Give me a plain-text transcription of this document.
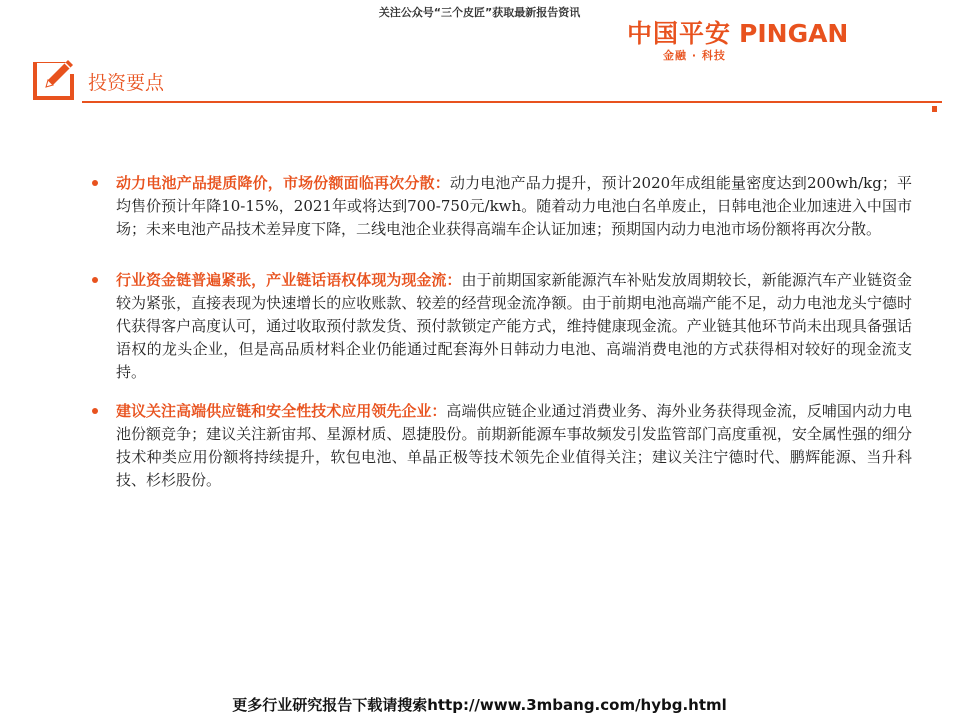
关注公众号“三个皮匠”获取最新报告资讯
中国平安 PINGAN
金融 · 科技
投资要点
动力电池产品提质降价，市场份额面临再次分散：动力电池产品力提升，预计2020年成组能量密度达到200wh/kg；平均售价预计年降10-15%，2021年或将达到700-750元/kwh。随着动力电池白名单废止，日韩电池企业加速进入中国市场；未来电池产品技术差异度下降，二线电池企业获得高端车企认证加速；预期国内动力电池市场份额将再次分散。
行业资金链普遍紧张，产业链话语权体现为现金流：由于前期国家新能源汽车补贴发放周期较长，新能源汽车产业链资金较为紧张，直接表现为快速增长的应收账款、较差的经营现金流净额。由于前期电池高端产能不足，动力电池龙头宁德时代获得客户高度认可，通过收取预付款发货、预付款锁定产能方式，维持健康现金流。产业链其他环节尚未出现具备强话语权的龙头企业，但是高品质材料企业仍能通过配套海外日韩动力电池、高端消费电池的方式获得相对较好的现金流支持。
建议关注高端供应链和安全性技术应用领先企业：高端供应链企业通过消费业务、海外业务获得现金流，反哺国内动力电池份额竞争；建议关注新宙邦、星源材质、恩捷股份。前期新能源车事故频发引发监管部门高度重视，安全属性强的细分技术种类应用份额将持续提升，软包电池、单晶正极等技术领先企业值得关注；建议关注宁德时代、鹏辉能源、当升科技、杉杉股份。
更多行业研究报告下载请搜索http://www.3mbang.com/hybg.html
